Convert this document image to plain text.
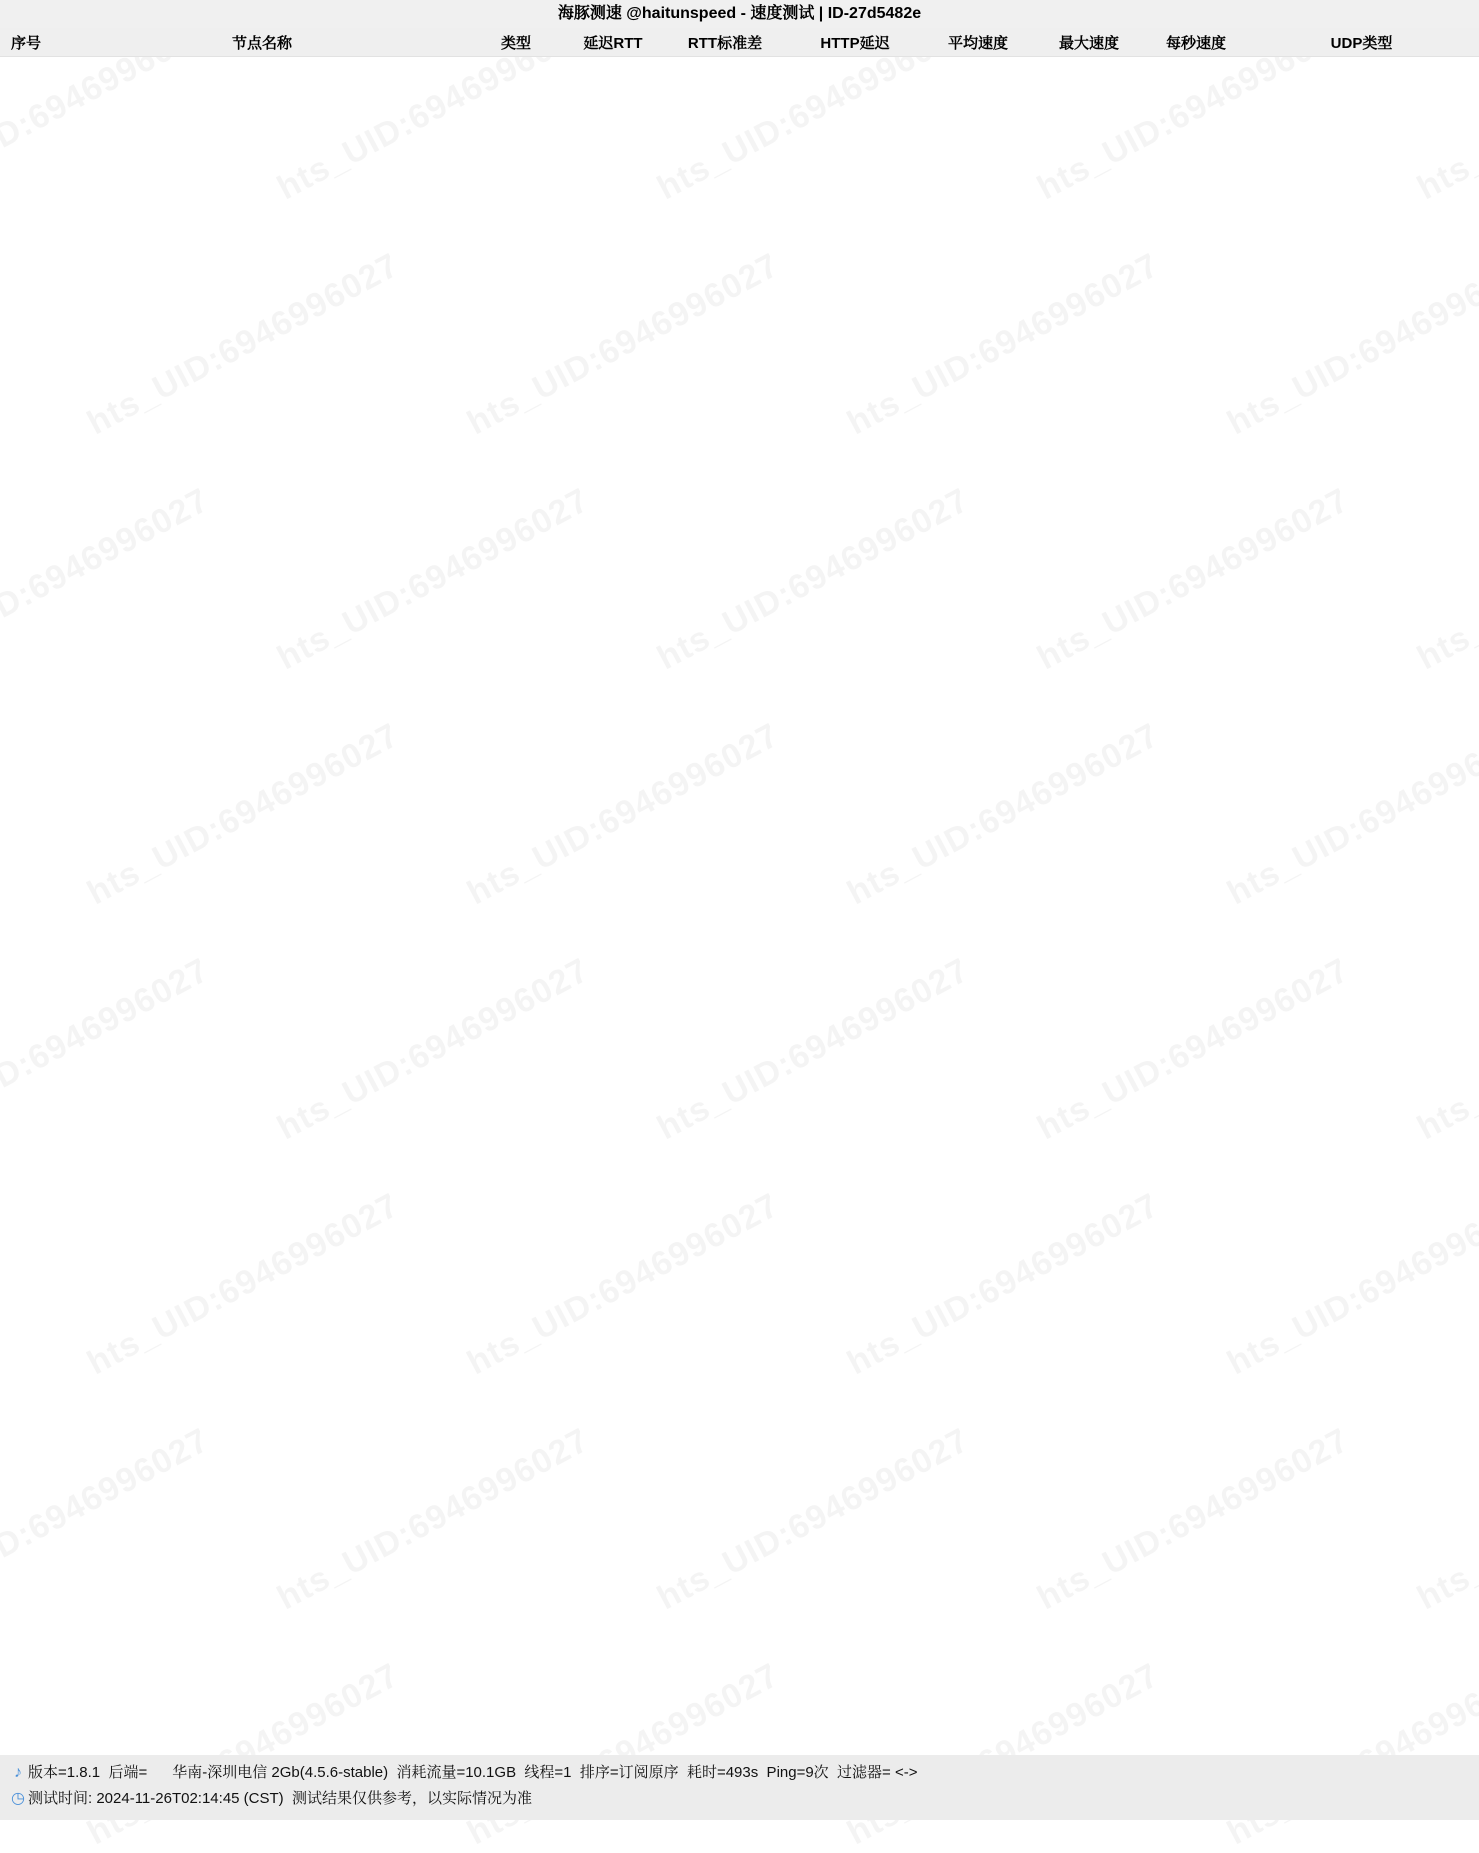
海豚测速 @haitunspeed - 速度测试 | ID-27d5482e
序号	节点名称	类型	延迟RTT	RTT标准差	HTTP延迟	平均速度	最大速度	每秒速度	UDP类型
♪ 版本=1.8.1  后端=      华南-深圳电信 2Gb(4.5.6-stable)  消耗流量=10.1GB  线程=1  排序=订阅原序  耗时=493s  Ping=9次  过滤器= <->
◷ 测试时间: 2024-11-26T02:14:45 (CST)  测试结果仅供参考，以实际情况为准
